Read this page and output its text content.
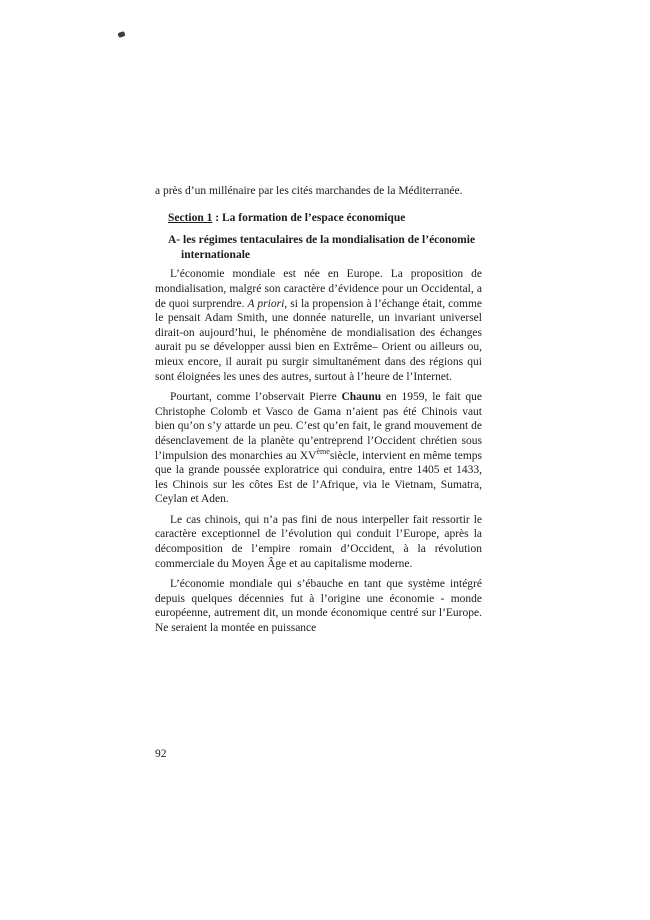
a près d’un millénaire par les cités marchandes de la Méditerranée.

Section 1 : La formation de l’espace économique

A- les régimes tentaculaires de la mondialisation de l’économie internationale

L’économie mondiale est née en Europe. La proposition de mondialisation, malgré son caractère d’évidence pour un Occidental, a de quoi surprendre. A priori, si la propension à l’échange était, comme le pensait Adam Smith, une donnée naturelle, un invariant universel dirait-on aujourd’hui, le phénomène de mondialisation des échanges aurait pu se développer aussi bien en Extrême– Orient ou ailleurs ou, mieux encore, il aurait pu surgir simultanément dans des régions qui sont éloignées les unes des autres, surtout à l’heure de l’Internet.

Pourtant, comme l’observait Pierre Chaunu en 1959, le fait que Christophe Colomb et Vasco de Gama n’aient pas été Chinois vaut bien qu’on s’y attarde un peu. C’est qu’en fait, le grand mouvement de désenclavement de la planète qu’entreprend l’Occident chrétien sous l’impulsion des monarchies au XVèmesiècle, intervient en même temps que la grande poussée exploratrice qui conduira, entre 1405 et 1433, les Chinois sur les côtes Est de l’Afrique, via le Vietnam, Sumatra, Ceylan et Aden.

Le cas chinois, qui n’a pas fini de nous interpeller fait ressortir le caractère exceptionnel de l’évolution qui conduit l’Europe, après la décomposition de l’empire romain d’Occident, à la révolution commerciale du Moyen Âge et au capitalisme moderne.

L’économie mondiale qui s’ébauche en tant que système intégré depuis quelques décennies fut à l’origine une économie - monde européenne, autrement dit, un monde économique centré sur l’Europe. Ne seraient la montée en puissance

92
